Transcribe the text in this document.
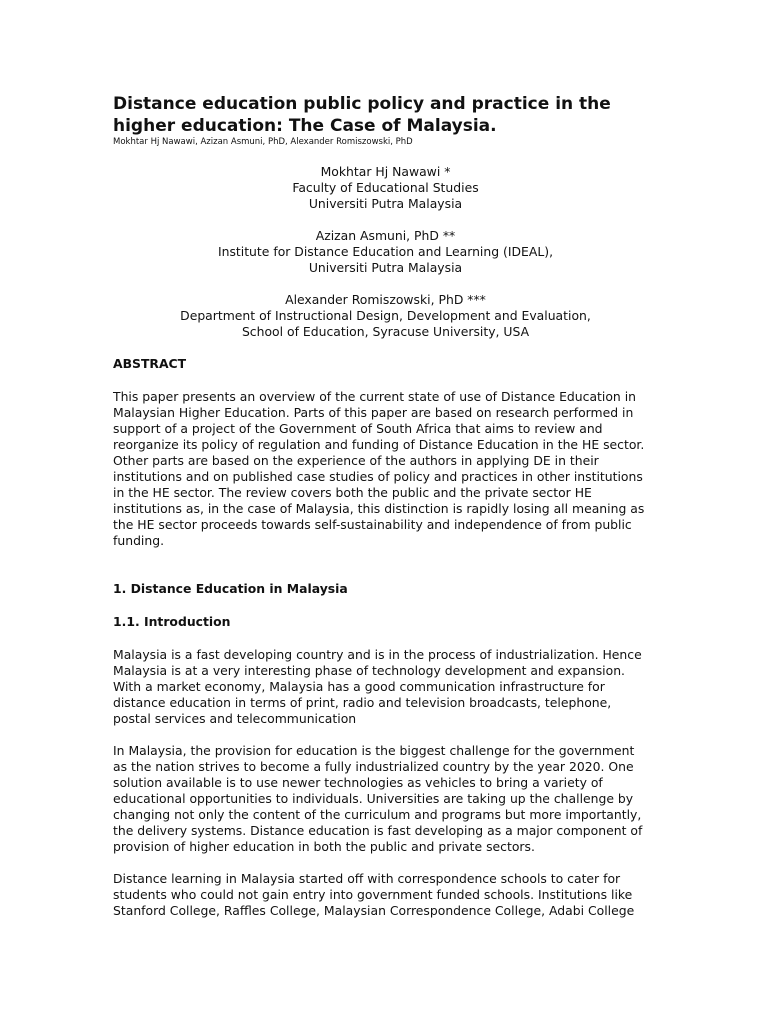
Distance education public policy and practice in the
higher education: The Case of Malaysia.

Mokhtar Hj Nawawi, Azizan Asmuni, PhD, Alexander Romiszowski, PhD

Mokhtar Hj Nawawi *
Faculty of Educational Studies
Universiti Putra Malaysia
Azizan Asmuni, PhD **
Institute for Distance Education and Learning (IDEAL),
Universiti Putra Malaysia
Alexander Romiszowski, PhD ***
Department of Instructional Design, Development and Evaluation,
School of Education, Syracuse University, USA
ABSTRACT

This paper presents an overview of the current state of use of Distance Education in
Malaysian Higher Education. Parts of this paper are based on research performed in
support of a project of the Government of South Africa that aims to review and
reorganize its policy of regulation and funding of Distance Education in the HE sector.
Other parts are based on the experience of the authors in applying DE in their
institutions and on published case studies of policy and practices in other institutions
in the HE sector. The review covers both the public and the private sector HE
institutions as, in the case of Malaysia, this distinction is rapidly losing all meaning as
the HE sector proceeds towards self-sustainability and independence of from public
funding.

1. Distance Education in Malaysia
1.1. Introduction

Malaysia is a fast developing country and is in the process of industrialization. Hence
Malaysia is at a very interesting phase of technology development and expansion.
With a market economy, Malaysia has a good communication infrastructure for
distance education in terms of print, radio and television broadcasts, telephone,
postal services and telecommunication

In Malaysia, the provision for education is the biggest challenge for the government
as the nation strives to become a fully industrialized country by the year 2020. One
solution available is to use newer technologies as vehicles to bring a variety of
educational opportunities to individuals. Universities are taking up the challenge by
changing not only the content of the curriculum and programs but more importantly,
the delivery systems. Distance education is fast developing as a major component of
provision of higher education in both the public and private sectors.

Distance learning in Malaysia started off with correspondence schools to cater for
students who could not gain entry into government funded schools. Institutions like
Stanford College, Raffles College, Malaysian Correspondence College, Adabi College
